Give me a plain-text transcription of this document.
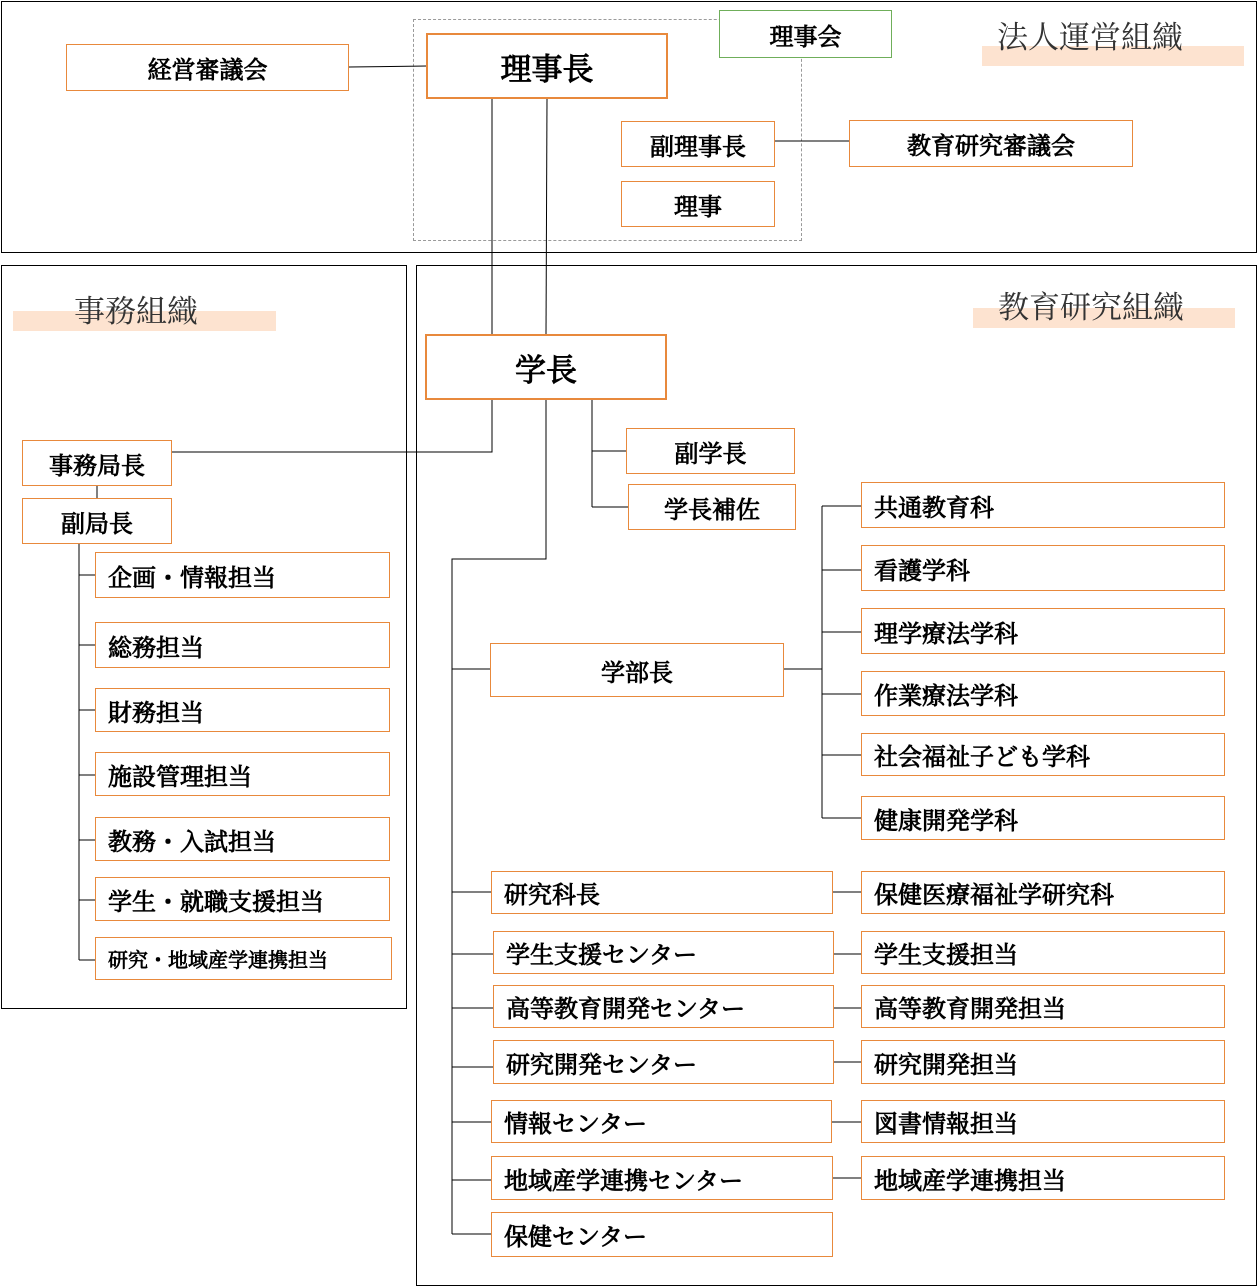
法人運営組織
事務組織	教育研究組織
経営審議会	理事長
理事会
副理事長
理事
教育研究審議会
事務局長
副局長
企画・情報担当
総務担当
財務担当
施設管理担当
教務・入試担当
学生・就職支援担当
研究・地域産学連携担当
学長
副学長
学長補佐
学部長
共通教育科
看護学科
理学療法学科
作業療法学科
社会福祉子ども学科
健康開発学科
研究科長
学生支援センター
高等教育開発センター
研究開発センター
情報センター
地域産学連携センター
保健センター
保健医療福祉学研究科
学生支援担当
高等教育開発担当
研究開発担当
図書情報担当
地域産学連携担当
